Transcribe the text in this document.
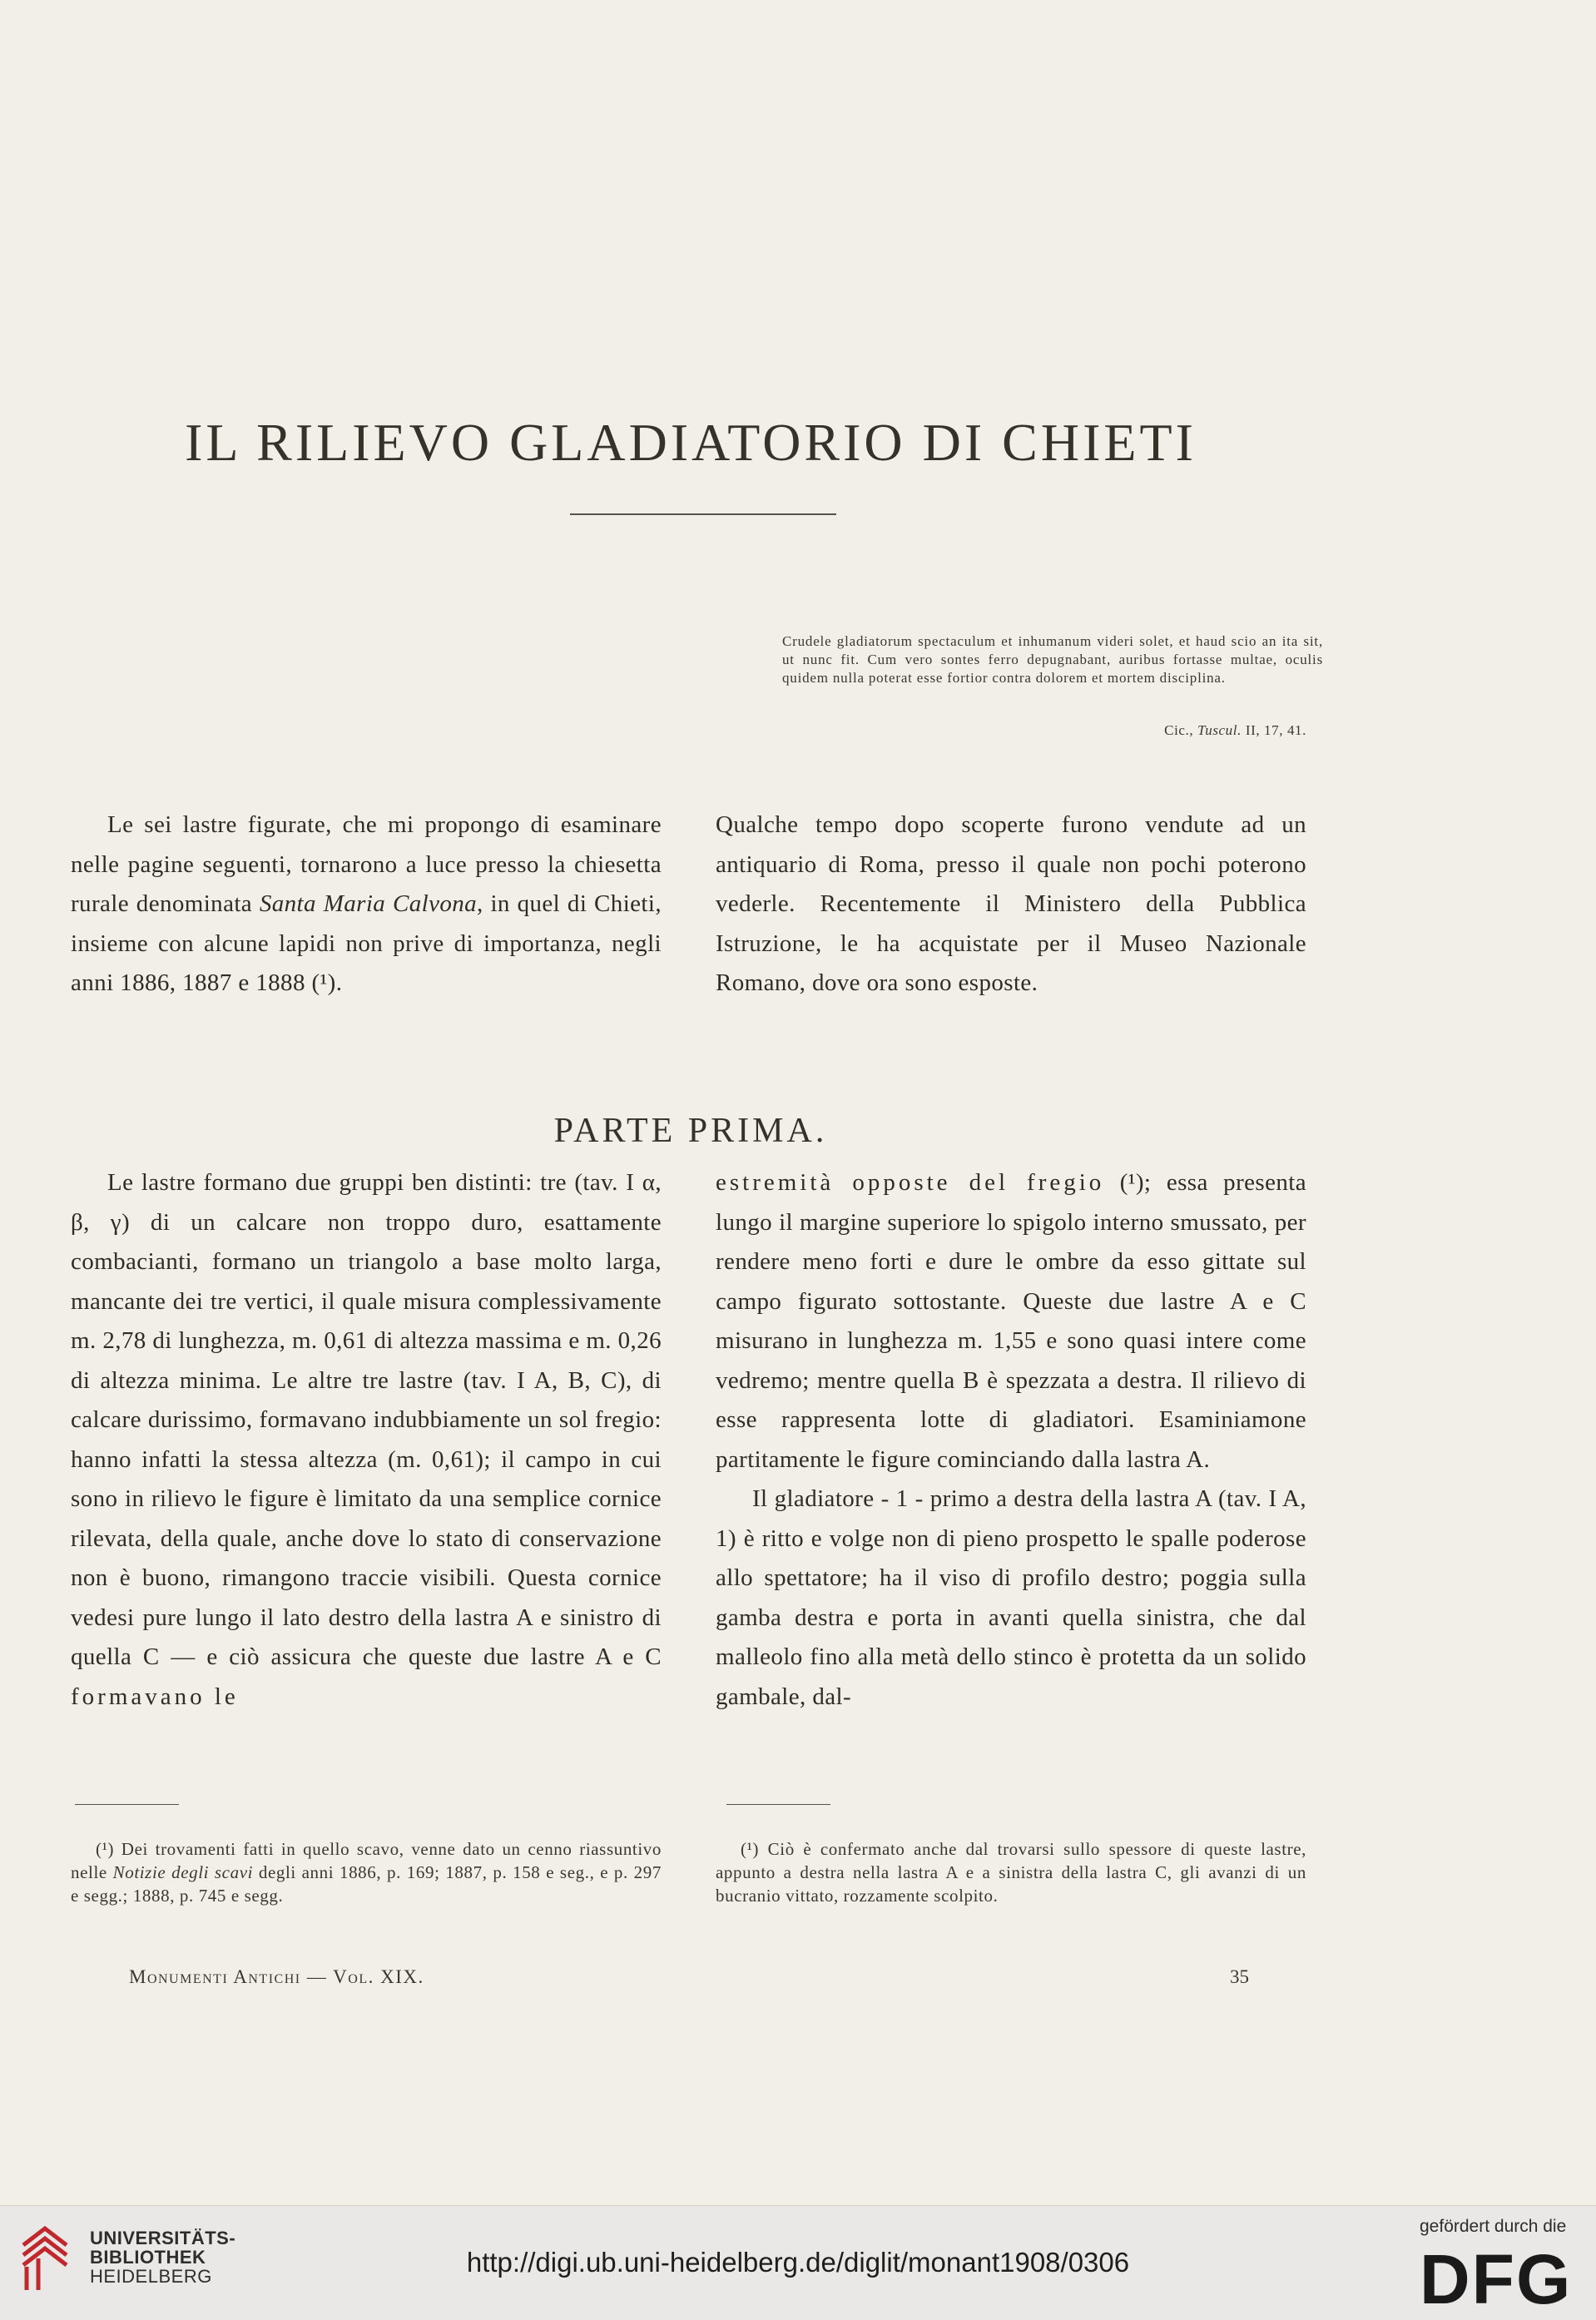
IL RILIEVO GLADIATORIO DI CHIETI
Crudele gladiatorum spectaculum et inhumanum videri solet, et haud scio an ita sit, ut nunc fit. Cum vero sontes ferro depugnabant, auribus fortasse multae, oculis quidem nulla poterat esse fortior contra dolorem et mortem disciplina.
Cic., Tuscul. II, 17, 41.

Le sei lastre figurate, che mi propongo di esaminare nelle pagine seguenti, tornarono a luce presso la chiesetta rurale denominata Santa Maria Calvona, in quel di Chieti, insieme con alcune lapidi non prive di importanza, negli anni 1886, 1887 e 1888 (¹).

Qualche tempo dopo scoperte furono vendute ad un antiquario di Roma, presso il quale non pochi poterono vederle. Recentemente il Ministero della Pubblica Istruzione, le ha acquistate per il Museo Nazionale Romano, dove ora sono esposte.

PARTE PRIMA.

Le lastre formano due gruppi ben distinti: tre (tav. I α, β, γ) di un calcare non troppo duro, esattamente combacianti, formano un triangolo a base molto larga, mancante dei tre vertici, il quale misura complessivamente m. 2,78 di lunghezza, m. 0,61 di altezza massima e m. 0,26 di altezza minima. Le altre tre lastre (tav. I A, B, C), di calcare durissimo, formavano indubbiamente un sol fregio: hanno infatti la stessa altezza (m. 0,61); il campo in cui sono in rilievo le figure è limitato da una semplice cornice rilevata, della quale, anche dove lo stato di conservazione non è buono, rimangono traccie visibili. Questa cornice vedesi pure lungo il lato destro della lastra A e sinistro di quella C — e ciò assicura che queste due lastre A e C formavano le

estremità opposte del fregio (¹); essa presenta lungo il margine superiore lo spigolo interno smussato, per rendere meno forti e dure le ombre da esso gittate sul campo figurato sottostante. Queste due lastre A e C misurano in lunghezza m. 1,55 e sono quasi intere come vedremo; mentre quella B è spezzata a destra. Il rilievo di esse rappresenta lotte di gladiatori. Esaminiamone partitamente le figure cominciando dalla lastra A.

Il gladiatore - 1 - primo a destra della lastra A (tav. I A, 1) è ritto e volge non di pieno prospetto le spalle poderose allo spettatore; ha il viso di profilo destro; poggia sulla gamba destra e porta in avanti quella sinistra, che dal malleolo fino alla metà dello stinco è protetta da un solido gambale, dal-

(¹) Dei trovamenti fatti in quello scavo, venne dato un cenno riassuntivo nelle Notizie degli scavi degli anni 1886, p. 169; 1887, p. 158 e seg., e p. 297 e segg.; 1888, p. 745 e segg.

(¹) Ciò è confermato anche dal trovarsi sullo spessore di queste lastre, appunto a destra nella lastra A e a sinistra della lastra C, gli avanzi di un bucranio vittato, rozzamente scolpito.

Monumenti Antichi — Vol. XIX.	35
UNIVERSITÄTS-
BIBLIOTHEK
HEIDELBERG	http://digi.ub.uni-heidelberg.de/diglit/monant1908/0306
gefördert durch die
DFG
